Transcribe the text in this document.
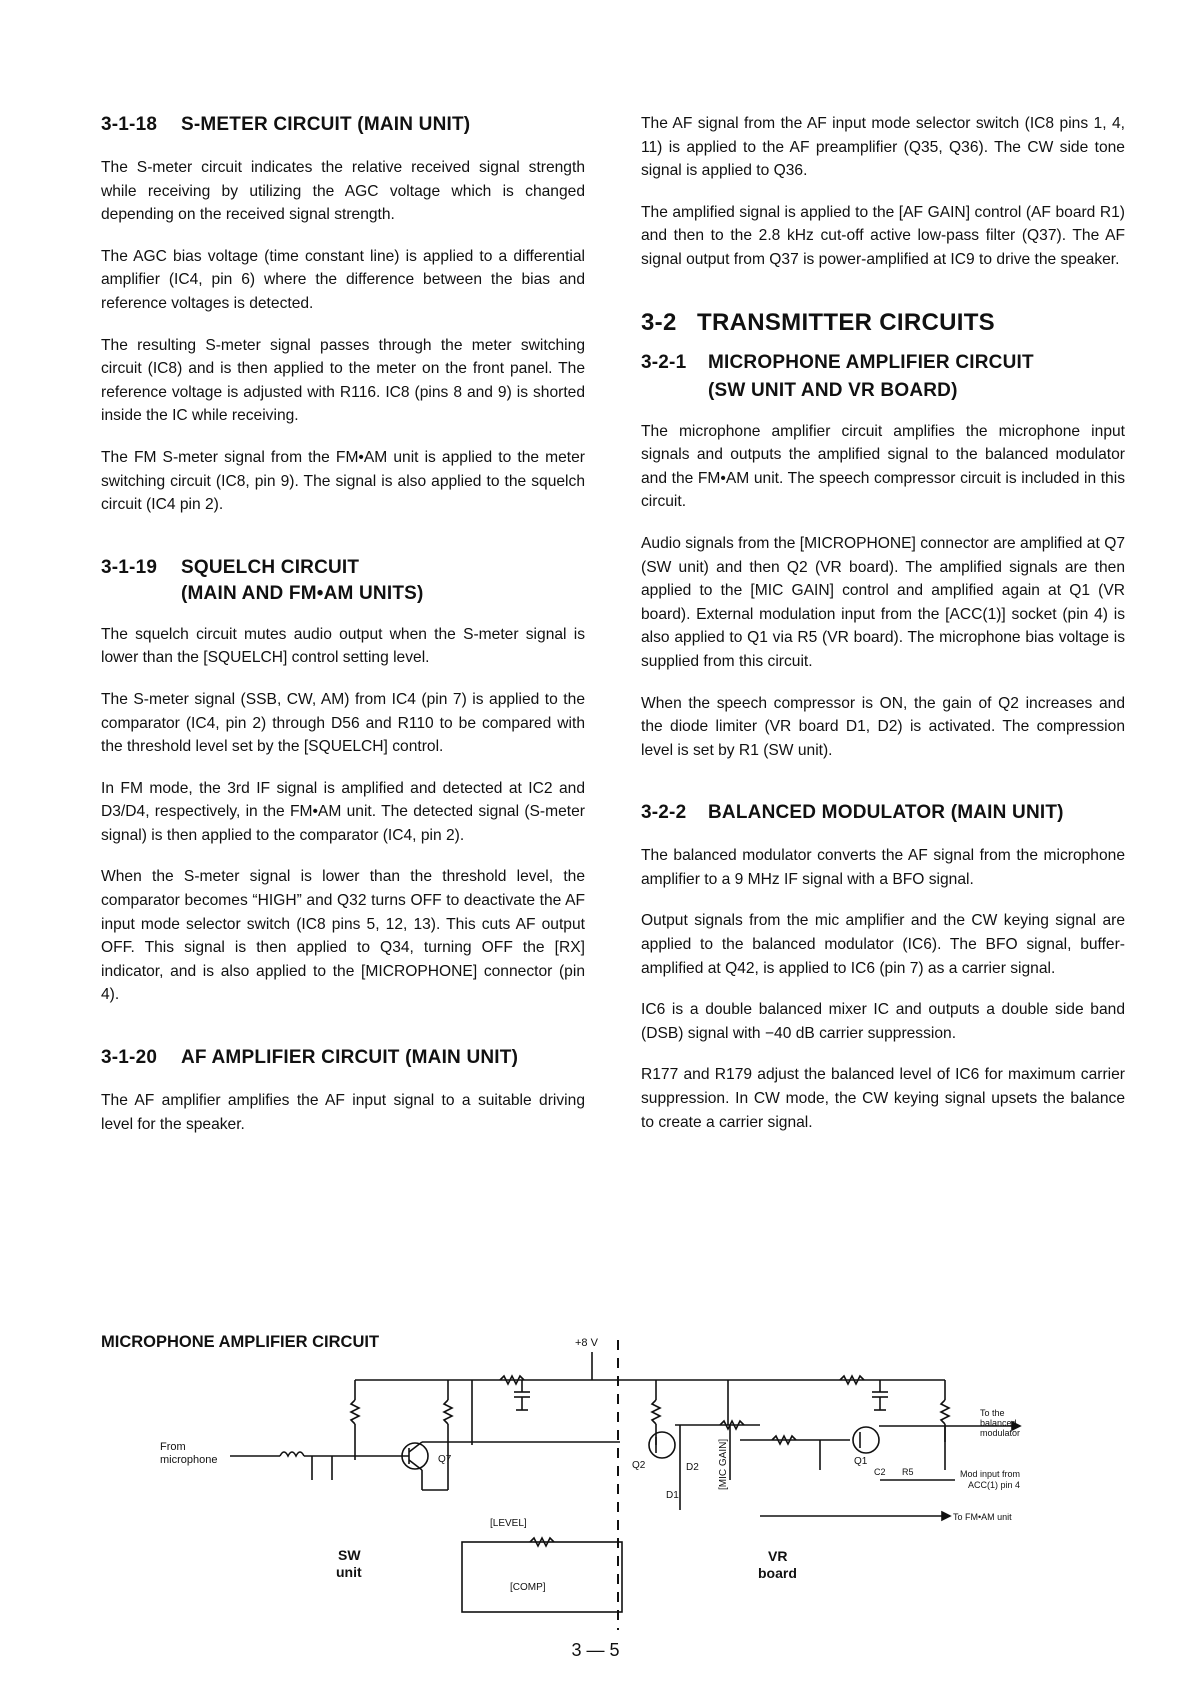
3-1-18	S-METER CIRCUIT (MAIN UNIT)

The S-meter circuit indicates the relative received signal strength while receiving by utilizing the AGC voltage which is changed depending on the received signal strength.

The AGC bias voltage (time constant line) is applied to a differential amplifier (IC4, pin 6) where the difference between the bias and reference voltages is detected.

The resulting S-meter signal passes through the meter switching circuit (IC8) and is then applied to the meter on the front panel. The reference voltage is adjusted with R116. IC8 (pins 8 and 9) is shorted inside the IC while receiving.

The FM S-meter signal from the FM•AM unit is applied to the meter switching circuit (IC8, pin 9). The signal is also applied to the squelch circuit (IC4 pin 2).

3-1-19	SQUELCH CIRCUIT
(MAIN AND FM•AM UNITS)

The squelch circuit mutes audio output when the S-meter signal is lower than the [SQUELCH] control setting level.

The S-meter signal (SSB, CW, AM) from IC4 (pin 7) is applied to the comparator (IC4, pin 2) through D56 and R110 to be compared with the threshold level set by the [SQUELCH] control.

In FM mode, the 3rd IF signal is amplified and detected at IC2 and D3/D4, respectively, in the FM•AM unit. The detected signal (S-meter signal) is then applied to the comparator (IC4, pin 2).

When the S-meter signal is lower than the threshold level, the comparator becomes “HIGH” and Q32 turns OFF to deactivate the AF input mode selector switch (IC8 pins 5, 12, 13). This cuts AF output OFF. This signal is then applied to Q34, turning OFF the [RX] indicator, and is also applied to the [MICROPHONE] connector (pin 4).

3-1-20	AF AMPLIFIER CIRCUIT (MAIN UNIT)

The AF amplifier amplifies the AF input signal to a suitable driving level for the speaker.

The AF signal from the AF input mode selector switch (IC8 pins 1, 4, 11) is applied to the AF preamplifier (Q35, Q36). The CW side tone signal is applied to Q36.

The amplified signal is applied to the [AF GAIN] control (AF board R1) and then to the 2.8 kHz cut-off active low-pass filter (Q37). The AF signal output from Q37 is power-amplified at IC9 to drive the speaker.

3-2 TRANSMITTER CIRCUITS
3-2-1	MICROPHONE AMPLIFIER CIRCUIT
(SW UNIT AND VR BOARD)

The microphone amplifier circuit amplifies the microphone input signals and outputs the amplified signal to the balanced modulator and the FM•AM unit. The speech compressor circuit is included in this circuit.

Audio signals from the [MICROPHONE] connector are amplified at Q7 (SW unit) and then Q2 (VR board). The amplified signals are then applied to the [MIC GAIN] control and amplified again at Q1 (VR board). External modulation input from the [ACC(1)] socket (pin 4) is also applied to Q1 via R5 (VR board). The microphone bias voltage is supplied from this circuit.

When the speech compressor is ON, the gain of Q2 increases and the diode limiter (VR board D1, D2) is activated. The compression level is set by R1 (SW unit).

3-2-2	BALANCED MODULATOR (MAIN UNIT)

The balanced modulator converts the AF signal from the microphone amplifier to a 9 MHz IF signal with a BFO signal.

Output signals from the mic amplifier and the CW keying signal are applied to the balanced modulator (IC6). The BFO signal, buffer-amplified at Q42, is applied to IC6 (pin 7) as a carrier signal.

IC6 is a double balanced mixer IC and outputs a double side band (DSB) signal with −40 dB carrier suppression.

R177 and R179 adjust the balanced level of IC6 for maximum carrier suppression. In CW mode, the CW keying signal upsets the balance to create a carrier signal.

MICROPHONE AMPLIFIER CIRCUIT	+8 V
From
microphone	Q7
[LEVEL]
[COMP]
SW
unit
Q2	D2
D1
[MIC GAIN]	Q1
To the
balanced
modulator
C2 R5	Mod input from
ACC(1) pin 4
To FM•AM unit
VR
board
3 — 5
